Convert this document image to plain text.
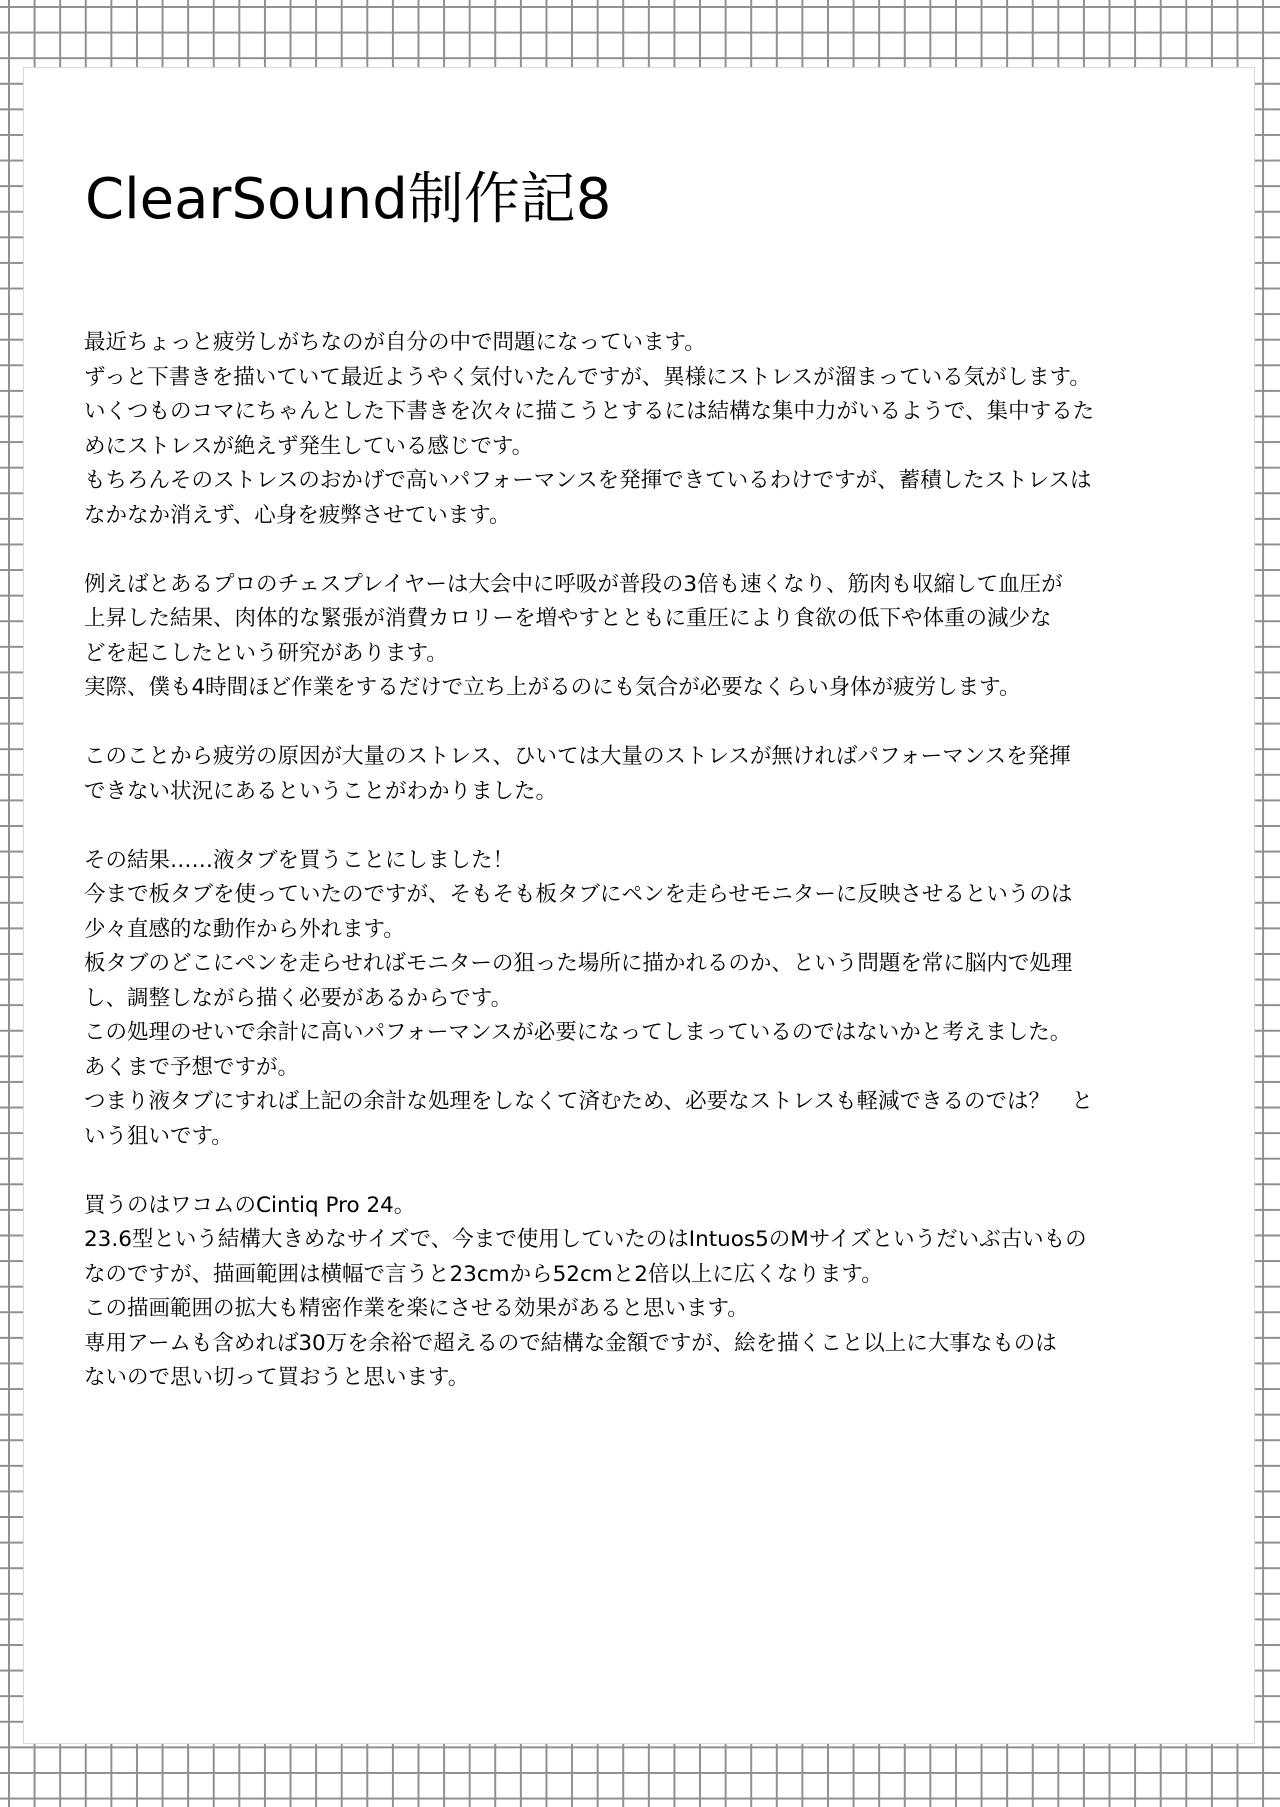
ClearSound制作記8
最近ちょっと疲労しがちなのが自分の中で問題になっています。
ずっと下書きを描いていて最近ようやく気付いたんですが、異様にストレスが溜まっている気がします。
いくつものコマにちゃんとした下書きを次々に描こうとするには結構な集中力がいるようで、集中するた
めにストレスが絶えず発生している感じです。
もちろんそのストレスのおかげで高いパフォーマンスを発揮できているわけですが、蓄積したストレスは
なかなか消えず、心身を疲弊させています。
例えばとあるプロのチェスプレイヤーは大会中に呼吸が普段の3倍も速くなり、筋肉も収縮して血圧が
上昇した結果、肉体的な緊張が消費カロリーを増やすとともに重圧により食欲の低下や体重の減少な
どを起こしたという研究があります。
実際、僕も4時間ほど作業をするだけで立ち上がるのにも気合が必要なくらい身体が疲労します。
このことから疲労の原因が大量のストレス、ひいては大量のストレスが無ければパフォーマンスを発揮
できない状況にあるということがわかりました。
その結果……液タブを買うことにしました！
今まで板タブを使っていたのですが、そもそも板タブにペンを走らせモニターに反映させるというのは
少々直感的な動作から外れます。
板タブのどこにペンを走らせればモニターの狙った場所に描かれるのか、という問題を常に脳内で処理
し、調整しながら描く必要があるからです。
この処理のせいで余計に高いパフォーマンスが必要になってしまっているのではないかと考えました。
あくまで予想ですが。
つまり液タブにすれば上記の余計な処理をしなくて済むため、必要なストレスも軽減できるのでは？　と
いう狙いです。
買うのはワコムのCintiq Pro 24。
23.6型という結構大きめなサイズで、今まで使用していたのはIntuos5のMサイズというだいぶ古いもの
なのですが、描画範囲は横幅で言うと23cmから52cmと2倍以上に広くなります。
この描画範囲の拡大も精密作業を楽にさせる効果があると思います。
専用アームも含めれば30万を余裕で超えるので結構な金額ですが、絵を描くこと以上に大事なものは
ないので思い切って買おうと思います。
